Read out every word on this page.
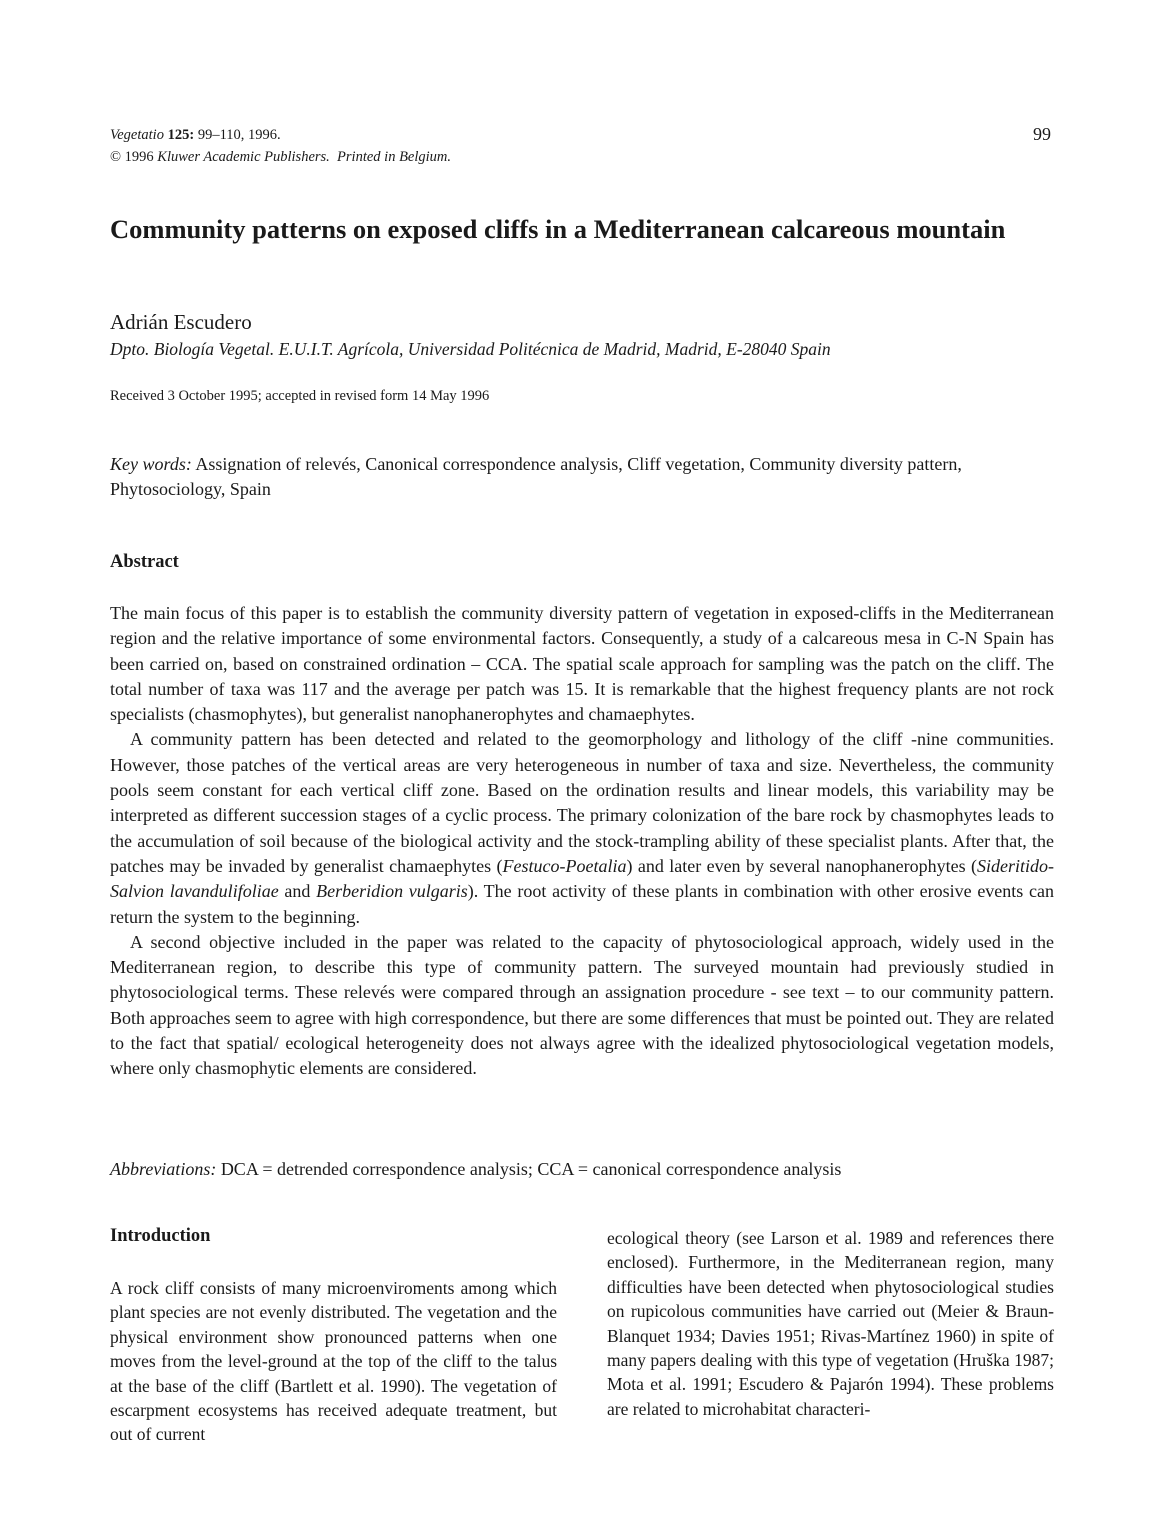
Vegetatio 125: 99–110, 1996.
© 1996 Kluwer Academic Publishers. Printed in Belgium.
99
Community patterns on exposed cliffs in a Mediterranean calcareous mountain
Adrián Escudero
Dpto. Biología Vegetal. E.U.I.T. Agrícola, Universidad Politécnica de Madrid, Madrid, E-28040 Spain
Received 3 October 1995; accepted in revised form 14 May 1996
Key words: Assignation of relevés, Canonical correspondence analysis, Cliff vegetation, Community diversity pattern, Phytosociology, Spain
Abstract

The main focus of this paper is to establish the community diversity pattern of vegetation in exposed-cliffs in the Mediterranean region and the relative importance of some environmental factors. Consequently, a study of a calcareous mesa in C-N Spain has been carried on, based on constrained ordination – CCA. The spatial scale approach for sampling was the patch on the cliff. The total number of taxa was 117 and the average per patch was 15. It is remarkable that the highest frequency plants are not rock specialists (chasmophytes), but generalist nanophanerophytes and chamaephytes.

A community pattern has been detected and related to the geomorphology and lithology of the cliff -nine communities. However, those patches of the vertical areas are very heterogeneous in number of taxa and size. Nevertheless, the community pools seem constant for each vertical cliff zone. Based on the ordination results and linear models, this variability may be interpreted as different succession stages of a cyclic process. The primary colonization of the bare rock by chasmophytes leads to the accumulation of soil because of the biological activity and the stock-trampling ability of these specialist plants. After that, the patches may be invaded by generalist chamaephytes (Festuco-Poetalia) and later even by several nanophanerophytes (Sideritido-Salvion lavandulifoliae and Berberidion vulgaris). The root activity of these plants in combination with other erosive events can return the system to the beginning.

A second objective included in the paper was related to the capacity of phytosociological approach, widely used in the Mediterranean region, to describe this type of community pattern. The surveyed mountain had previously studied in phytosociological terms. These relevés were compared through an assignation procedure - see text – to our community pattern. Both approaches seem to agree with high correspondence, but there are some differences that must be pointed out. They are related to the fact that spatial/ ecological heterogeneity does not always agree with the idealized phytosociological vegetation models, where only chasmophytic elements are considered.

Abbreviations: DCA = detrended correspondence analysis; CCA = canonical correspondence analysis
Introduction

A rock cliff consists of many microenviroments among which plant species are not evenly distributed. The vegetation and the physical environment show pronounced patterns when one moves from the level-ground at the top of the cliff to the talus at the base of the cliff (Bartlett et al. 1990). The vegetation of escarpment ecosystems has received adequate treatment, but out of current

ecological theory (see Larson et al. 1989 and references there enclosed). Furthermore, in the Mediterranean region, many difficulties have been detected when phytosociological studies on rupicolous communities have carried out (Meier & Braun-Blanquet 1934; Davies 1951; Rivas-Martínez 1960) in spite of many papers dealing with this type of vegetation (Hruška 1987; Mota et al. 1991; Escudero & Pajarón 1994). These problems are related to microhabitat characteri-
